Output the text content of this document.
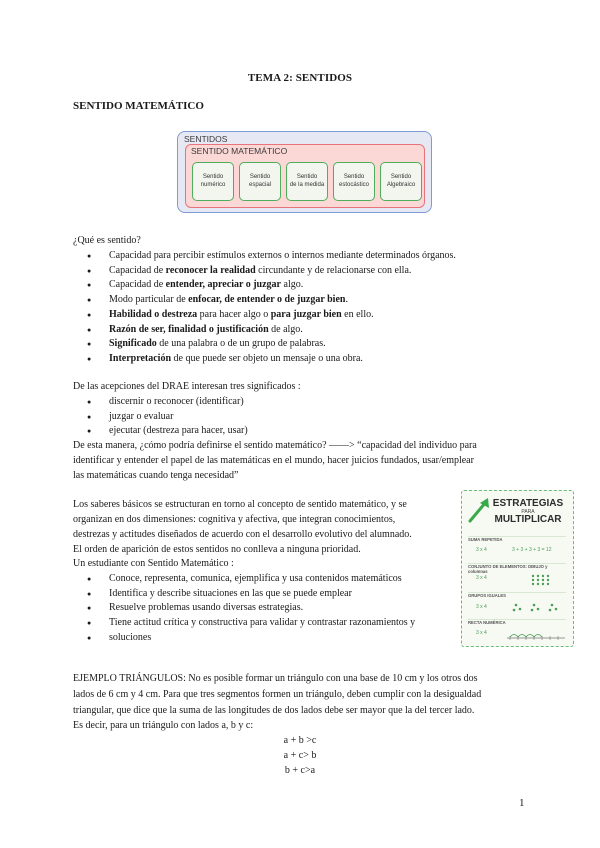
TEMA 2: SENTIDOS
SENTIDO MATEMÁTICO
SENTIDOS
SENTIDO MATEMÁTICO
Sentido
numérico
Sentido
espacial
Sentido
de la medida
Sentido
estocástico
Sentido
Algebraico
¿Qué es sentido?
● Capacidad para percibir estímulos externos o internos mediante determinados órganos.
● Capacidad de reconocer la realidad circundante y de relacionarse con ella.
● Capacidad de entender, apreciar o juzgar algo.
● Modo particular de enfocar, de entender o de juzgar bien.
● Habilidad o destreza para hacer algo o para juzgar bien en ello.
● Razón de ser, finalidad o justificación de algo.
● Significado de una palabra o de un grupo de palabras.
● Interpretación de que puede ser objeto un mensaje o una obra.
De las acepciones del DRAE interesan tres significados :
● discernir o reconocer (identificar)
● juzgar o evaluar
● ejecutar (destreza para hacer, usar)
De esta manera, ¿cómo podría definirse el sentido matemático? ——> “capacidad del individuo para
identificar y entender el papel de las matemáticas en el mundo, hacer juicios fundados, usar/emplear
las matemáticas cuando tenga necesidad”
Los saberes básicos se estructuran en torno al concepto de sentido matemático, y se
organizan en dos dimensiones: cognitiva y afectiva, que integran conocimientos,
destrezas y actitudes diseñados de acuerdo con el desarrollo evolutivo del alumnado.
El orden de aparición de estos sentidos no conlleva a ninguna prioridad.
Un estudiante con Sentido Matemático :
● Conoce, representa, comunica, ejemplifica y usa contenidos matemáticos
● Identifica y describe situaciones en las que se puede emplear
● Resuelve problemas usando diversas estrategias.
● Tiene actitud crítica y constructiva para validar y contrastar razonamientos y
● soluciones
ESTRATEGIAS
PARA
MULTIPLICAR
SUMA REPETIDA
3 x 4	3 + 3 + 3 + 3 = 12
CONJUNTO DE ELEMENTOS: DIBUJO y columnas
3 x 4
GRUPOS IGUALES
3 x 4
RECTA NUMÉRICA
3 x 4
EJEMPLO TRIÁNGULOS: No es posible formar un triángulo con una base de 10 cm y los otros dos
lados de 6 cm y 4 cm. Para que tres segmentos formen un triángulo, deben cumplir con la desigualdad
triangular, que dice que la suma de las longitudes de dos lados debe ser mayor que la del tercer lado.
Es decir, para un triángulo con lados a, b y c:
a + b >c
a + c> b
b + c>a
1
